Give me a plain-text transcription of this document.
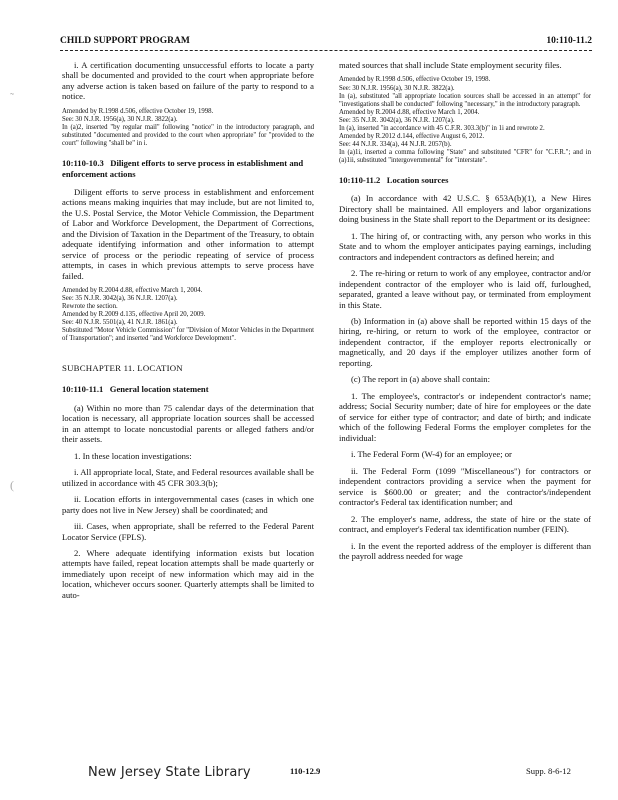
CHILD SUPPORT PROGRAM	10:110-11.2
˜
(

i. A certification documenting unsuccessful efforts to locate a party shall be documented and provided to the court when appropriate before any adverse action is taken based on failure of the party to respond to a notice.

Amended by R.1998 d.506, effective October 19, 1998.
See: 30 N.J.R. 1956(a), 30 N.J.R. 3822(a).
In (a)2, inserted "by regular mail" following "notice" in the introductory paragraph, and substituted "documented and provided to the court when appropriate" for "provided to the court" following "shall be" in i.

10:110-10.3 Diligent efforts to serve process in establishment and enforcement actions

Diligent efforts to serve process in establishment and enforcement actions means making inquiries that may include, but are not limited to, the U.S. Postal Service, the Motor Vehicle Commission, the Department of Labor and Workforce Development, the Department of Corrections, and the Division of Taxation in the Department of the Treasury, to obtain adequate identifying information and other information to attempt service of process or the periodic repeating of service of process attempts, in cases in which previous attempts to serve process have failed.

Amended by R.2004 d.88, effective March 1, 2004.
See: 35 N.J.R. 3042(a), 36 N.J.R. 1207(a).
Rewrote the section.
Amended by R.2009 d.135, effective April 20, 2009.
See: 40 N.J.R. 5501(a), 41 N.J.R. 1861(a).
Substituted "Motor Vehicle Commission" for "Division of Motor Vehicles in the Department of Transportation"; and inserted "and Workforce Development".

SUBCHAPTER 11. LOCATION
10:110-11.1 General location statement

(a) Within no more than 75 calendar days of the determination that location is necessary, all appropriate location sources shall be accessed in an attempt to locate noncustodial parents or alleged fathers and/or their assets.

1. In these location investigations:

i. All appropriate local, State, and Federal resources available shall be utilized in accordance with 45 CFR 303.3(b);

ii. Location efforts in intergovernmental cases (cases in which one party does not live in New Jersey) shall be coordinated; and

iii. Cases, when appropriate, shall be referred to the Federal Parent Locator Service (FPLS).

2. Where adequate identifying information exists but location attempts have failed, repeat location attempts shall be made quarterly or immediately upon receipt of new information which may aid in the location, whichever occurs sooner. Quarterly attempts shall be limited to auto-

mated sources that shall include State employment security files.

Amended by R.1998 d.506, effective October 19, 1998.
See: 30 N.J.R. 1956(a), 30 N.J.R. 3822(a).
In (a), substituted "all appropriate location sources shall be accessed in an attempt" for "investigations shall be conducted" following "necessary," in the introductory paragraph.
Amended by R.2004 d.88, effective March 1, 2004.
See: 35 N.J.R. 3042(a), 36 N.J.R. 1207(a).
In (a), inserted "in accordance with 45 C.F.R. 303.3(b)" in 1i and rewrote 2.
Amended by R.2012 d.144, effective August 6, 2012.
See: 44 N.J.R. 334(a), 44 N.J.R. 2057(b).
In (a)1i, inserted a comma following "State" and substituted "CFR" for "C.F.R."; and in (a)1ii, substituted "intergovernmental" for "interstate".

10:110-11.2 Location sources

(a) In accordance with 42 U.S.C. § 653A(b)(1), a New Hires Directory shall be maintained. All employers and labor organizations doing business in the State shall report to the Department or its designee:

1. The hiring of, or contracting with, any person who works in this State and to whom the employer anticipates paying earnings, including contractors and independent contractors as defined herein; and

2. The re-hiring or return to work of any employee, contractor and/or independent contractor of the employer who is laid off, furloughed, separated, granted a leave without pay, or terminated from employment in this State.

(b) Information in (a) above shall be reported within 15 days of the hiring, re-hiring, or return to work of the employee, contractor or independent contractor, if the employer reports electronically or magnetically, and 20 days if the employer utilizes another form of reporting.

(c) The report in (a) above shall contain:

1. The employee's, contractor's or independent contractor's name; address; Social Security number; date of hire for employees or the date of service for either type of contractor; and date of birth; and indicate which of the following Federal Forms the employer completes for the individual:

i. The Federal Form (W-4) for an employee; or

ii. The Federal Form (1099 "Miscellaneous") for contractors or independent contractors providing a service when the payment for service is $600.00 or greater; and the contractor's/independent contractor's Federal tax identification number; and

2. The employer's name, address, the state of hire or the state of contract, and employer's Federal tax identification number (FEIN).

i. In the event the reported address of the employer is different than the payroll address needed for wage

New Jersey State Library	110-12.9	Supp. 8-6-12
